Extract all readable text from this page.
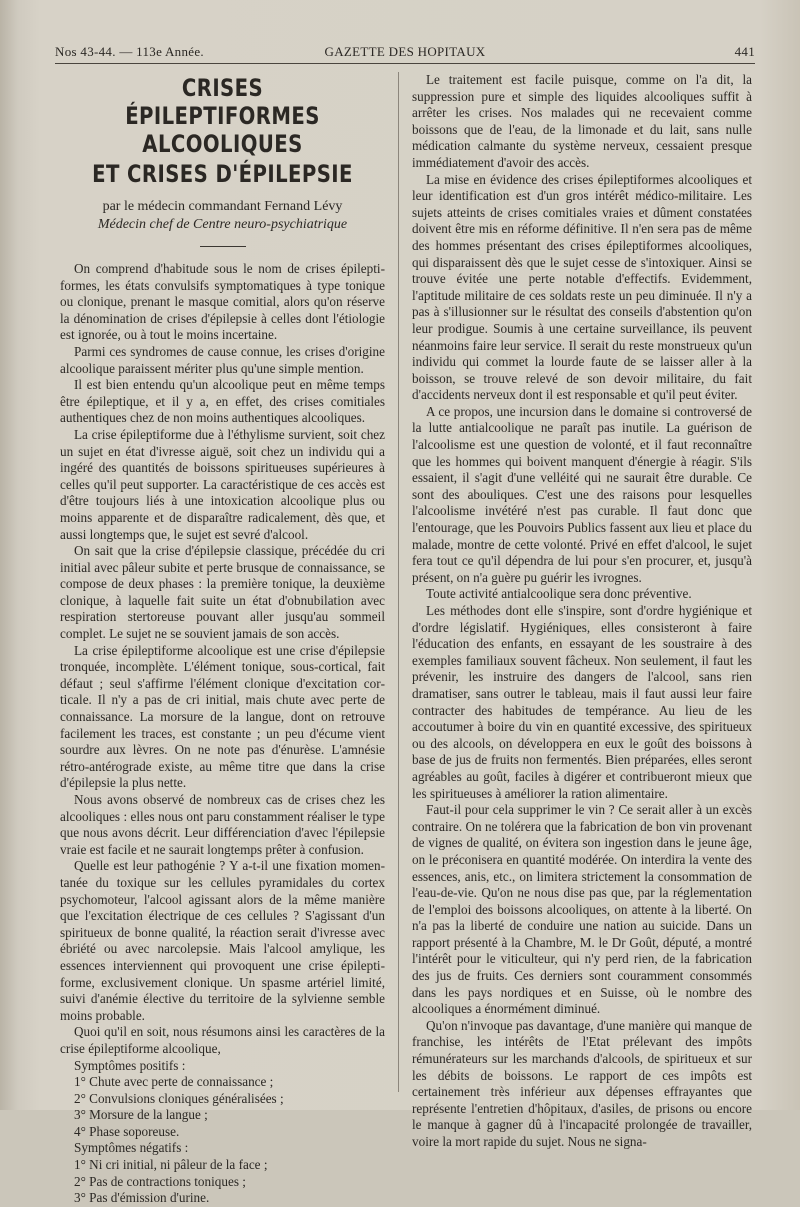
Nos 43-44. — 113e Année.	GAZETTE DES HOPITAUX	441
CRISES ÉPILEPTIFORMES ALCOOLIQUES
ET CRISES D'ÉPILEPSIE
par le médecin commandant Fernand Lévy
Médecin chef de Centre neuro-psychiatrique

On comprend d'habitude sous le nom de crises épileptiformes, les états convulsifs symptomatiques à type tonique ou clonique, prenant le masque comitial, alors qu'on réserve la dénomination de crises d'épilepsie à celles dont l'étiologie est ignorée, ou à tout le moins incertaine.

Parmi ces syndromes de cause connue, les crises d'origine alcoolique paraissent mériter plus qu'une simple mention.

Il est bien entendu qu'un alcoolique peut en même temps être épileptique, et il y a, en effet, des crises comitiales authentiques chez de non moins authentiques alcooliques.

La crise épileptiforme due à l'éthylisme survient, soit chez un sujet en état d'ivresse aiguë, soit chez un individu qui a ingéré des quantités de boissons spiritueuses supérieures à celles qu'il peut supporter. La caractéristique de ces accès est d'être toujours liés à une intoxication alcoolique plus ou moins apparente et de disparaître radicalement, dès que, et aussi longtemps que, le sujet est sevré d'alcool.

On sait que la crise d'épilepsie classique, précédée du cri initial avec pâleur subite et perte brusque de connaissance, se compose de deux phases : la première tonique, la deuxième clonique, à laquelle fait suite un état d'obnubilation avec respiration stertoreuse pouvant aller jusqu'au sommeil complet. Le sujet ne se souvient jamais de son accès.

La crise épileptiforme alcoolique est une crise d'épilepsie tronquée, incomplète. L'élément tonique, sous-cortical, fait défaut ; seul s'affirme l'élément clonique d'excitation corticale. Il n'y a pas de cri initial, mais chute avec perte de connaissance. La morsure de la langue, dont on retrouve facilement les traces, est constante ; un peu d'écume vient sourdre aux lèvres. On ne note pas d'énurèse. L'amnésie rétro-antérograde existe, au même titre que dans la crise d'épilepsie la plus nette.

Nous avons observé de nombreux cas de crises chez les alcooliques : elles nous ont paru constamment réaliser le type que nous avons décrit. Leur différenciation d'avec l'épilepsie vraie est facile et ne saurait longtemps prêter à confusion.

Quelle est leur pathogénie ? Y a-t-il une fixation momentanée du toxique sur les cellules pyramidales du cortex psychomoteur, l'alcool agissant alors de la même manière que l'excitation électrique de ces cellules ? S'agissant d'un spiritueux de bonne qualité, la réaction serait d'ivresse avec ébriété ou avec narcolepsie. Mais l'alcool amylique, les essences interviennent qui provoquent une crise épileptiforme, exclusivement clonique. Un spasme artériel limité, suivi d'anémie élective du territoire de la sylvienne semble moins probable.

Quoi qu'il en soit, nous résumons ainsi les caractères de la crise épileptiforme alcoolique,

Symptômes positifs :

1° Chute avec perte de connaissance ;
2° Convulsions cloniques généralisées ;
3° Morsure de la langue ;
4° Phase soporeuse.

Symptômes négatifs :

1° Ni cri initial, ni pâleur de la face ;
2° Pas de contractions toniques ;
3° Pas d'émission d'urine.

Le traitement est facile puisque, comme on l'a dit, la suppression pure et simple des liquides alcooliques suffit à arrêter les crises. Nos malades qui ne recevaient comme boissons que de l'eau, de la limonade et du lait, sans nulle médication calmante du système nerveux, cessaient presque immédiatement d'avoir des accès.

La mise en évidence des crises épileptiformes alcooliques et leur identification est d'un gros intérêt médico-militaire. Les sujets atteints de crises comitiales vraies et dûment constatées doivent être mis en réforme définitive. Il n'en sera pas de même des hommes présentant des crises épileptiformes alcooliques, qui disparaissent dès que le sujet cesse de s'intoxiquer. Ainsi se trouve évitée une perte notable d'effectifs. Evidemment, l'aptitude militaire de ces soldats reste un peu diminuée. Il n'y a pas à s'illusionner sur le résultat des conseils d'abstention qu'on leur prodigue. Soumis à une certaine surveillance, ils peuvent néanmoins faire leur service. Il serait du reste monstrueux qu'un individu qui commet la lourde faute de se laisser aller à la boisson, se trouve relevé de son devoir militaire, du fait d'accidents nerveux dont il est responsable et qu'il peut éviter.

A ce propos, une incursion dans le domaine si controversé de la lutte antialcoolique ne paraît pas inutile. La guérison de l'alcoolisme est une question de volonté, et il faut reconnaître que les hommes qui boivent manquent d'énergie à réagir. S'ils essaient, il s'agit d'une velléité qui ne saurait être durable. Ce sont des abouliques. C'est une des raisons pour lesquelles l'alcoolisme invétéré n'est pas curable. Il faut donc que l'entourage, que les Pouvoirs Publics fassent aux lieu et place du malade, montre de cette volonté. Privé en effet d'alcool, le sujet fera tout ce qu'il dépendra de lui pour s'en procurer, et, jusqu'à présent, on n'a guère pu guérir les ivrognes.

Toute activité antialcoolique sera donc préventive.

Les méthodes dont elle s'inspire, sont d'ordre hygiénique et d'ordre législatif. Hygiéniques, elles consisteront à faire l'éducation des enfants, en essayant de les soustraire à des exemples familiaux souvent fâcheux. Non seulement, il faut les prévenir, les instruire des dangers de l'alcool, sans rien dramatiser, sans outrer le tableau, mais il faut aussi leur faire contracter des habitudes de tempérance. Au lieu de les accoutumer à boire du vin en quantité excessive, des spiritueux ou des alcools, on développera en eux le goût des boissons à base de jus de fruits non fermentés. Bien préparées, elles seront agréables au goût, faciles à digérer et contribueront mieux que les spiritueuses à améliorer la ration alimentaire.

Faut-il pour cela supprimer le vin ? Ce serait aller à un excès contraire. On ne tolérera que la fabrication de bon vin provenant de vignes de qualité, on évitera son ingestion dans le jeune âge, on le préconisera en quantité modérée. On interdira la vente des essences, anis, etc., on limitera strictement la consommation de l'eau-de-vie. Qu'on ne nous dise pas que, par la réglementation de l'emploi des boissons alcooliques, on attente à la liberté. On n'a pas la liberté de conduire une nation au suicide. Dans un rapport présenté à la Chambre, M. le Dr Goût, député, a montré l'intérêt pour le viticulteur, qui n'y perd rien, de la fabrication des jus de fruits. Ces derniers sont couramment consommés dans les pays nordiques et en Suisse, où le nombre des alcooliques a énormément diminué.

Qu'on n'invoque pas davantage, d'une manière qui manque de franchise, les intérêts de l'Etat prélevant des impôts rémunérateurs sur les marchands d'alcools, de spiritueux et sur les débits de boissons. Le rapport de ces impôts est certainement très inférieur aux dépenses effrayantes que représente l'entretien d'hôpitaux, d'asiles, de prisons ou encore le manque à gagner dû à l'incapacité prolongée de travailler, voire la mort rapide du sujet. Nous ne signa-
